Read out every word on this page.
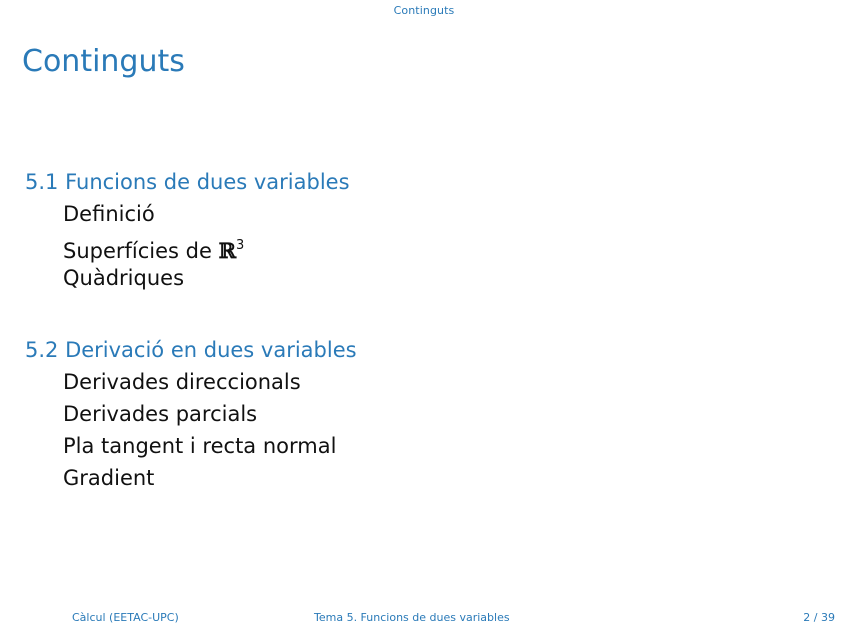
Continguts
Continguts
5.1 Funcions de dues variables
Definició
Superfícies de ℝ$^3$
Quàdriques
5.2 Derivació en dues variables
Derivades direccionals
Derivades parcials
Pla tangent i recta normal
Gradient
Càlcul (EETAC-UPC)	Tema 5. Funcions de dues variables	2 / 39
